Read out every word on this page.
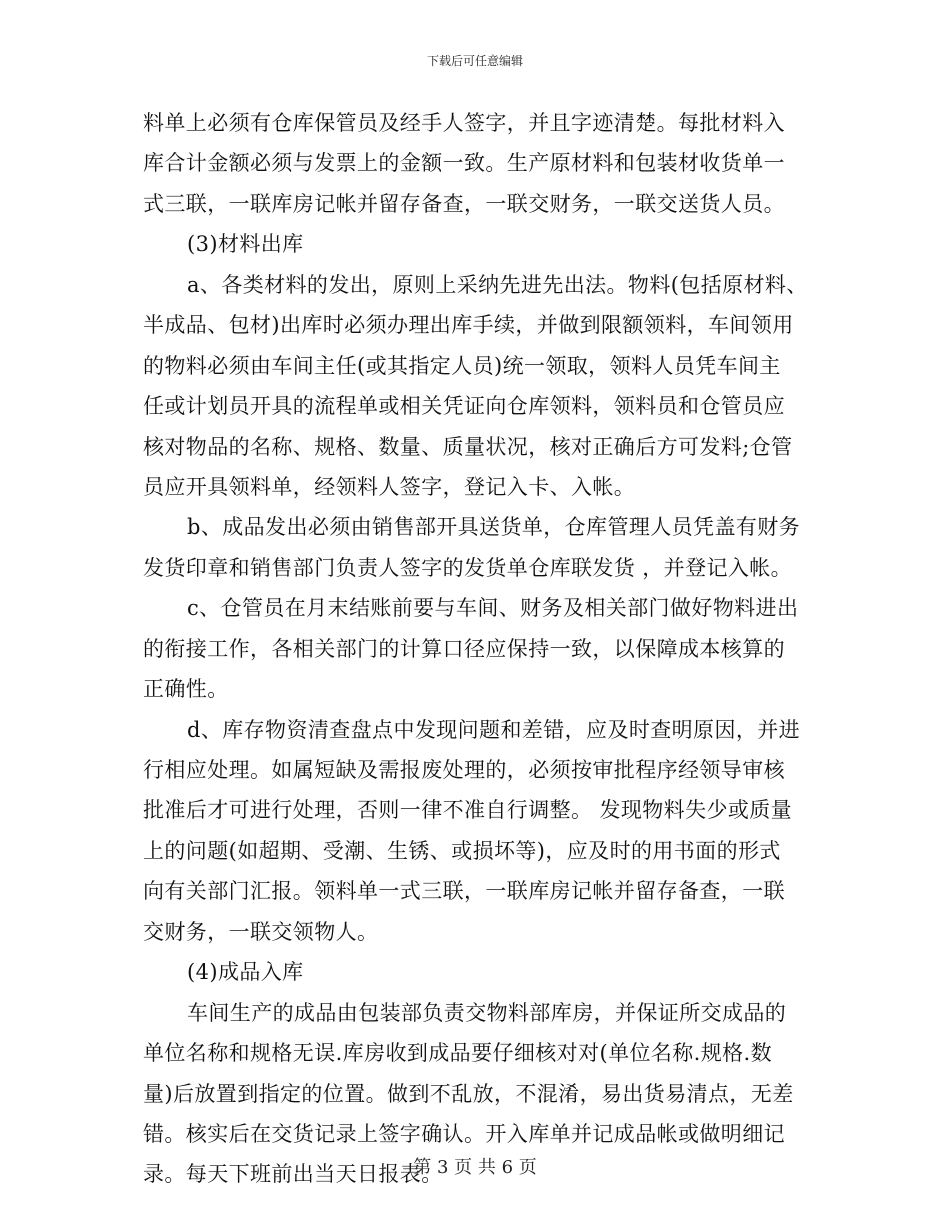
下载后可任意编辑
料单上必须有仓库保管员及经手人签字，并且字迹清楚。每批材料入
库合计金额必须与发票上的金额一致。生产原材料和包装材收货单一
式三联，一联库房记帐并留存备查，一联交财务，一联交送货人员。
(3)材料出库
a、各类材料的发出，原则上采纳先进先出法。物料(包括原材料、
半成品、包材)出库时必须办理出库手续，并做到限额领料，车间领用
的物料必须由车间主任(或其指定人员)统一领取，领料人员凭车间主
任或计划员开具的流程单或相关凭证向仓库领料，领料员和仓管员应
核对物品的名称、规格、数量、质量状况，核对正确后方可发料;仓管
员应开具领料单，经领料人签字，登记入卡、入帐。
b、成品发出必须由销售部开具送货单，仓库管理人员凭盖有财务
发货印章和销售部门负责人签字的发货单仓库联发货 ，并登记入帐。
c、仓管员在月末结账前要与车间、财务及相关部门做好物料进出
的衔接工作，各相关部门的计算口径应保持一致，以保障成本核算的
正确性。
d、库存物资清查盘点中发现问题和差错，应及时查明原因，并进
行相应处理。如属短缺及需报废处理的，必须按审批程序经领导审核
批准后才可进行处理，否则一律不准自行调整。 发现物料失少或质量
上的问题(如超期、受潮、生锈、或损坏等)，应及时的用书面的形式
向有关部门汇报。领料单一式三联，一联库房记帐并留存备查，一联
交财务，一联交领物人。
(4)成品入库
车间生产的成品由包装部负责交物料部库房，并保证所交成品的
单位名称和规格无误.库房收到成品要仔细核对对(单位名称.规格.数
量)后放置到指定的位置。做到不乱放，不混淆，易出货易清点，无差
错。核实后在交货记录上签字确认。开入库单并记成品帐或做明细记
录。每天下班前出当天日报表。
第 3 页 共 6 页
